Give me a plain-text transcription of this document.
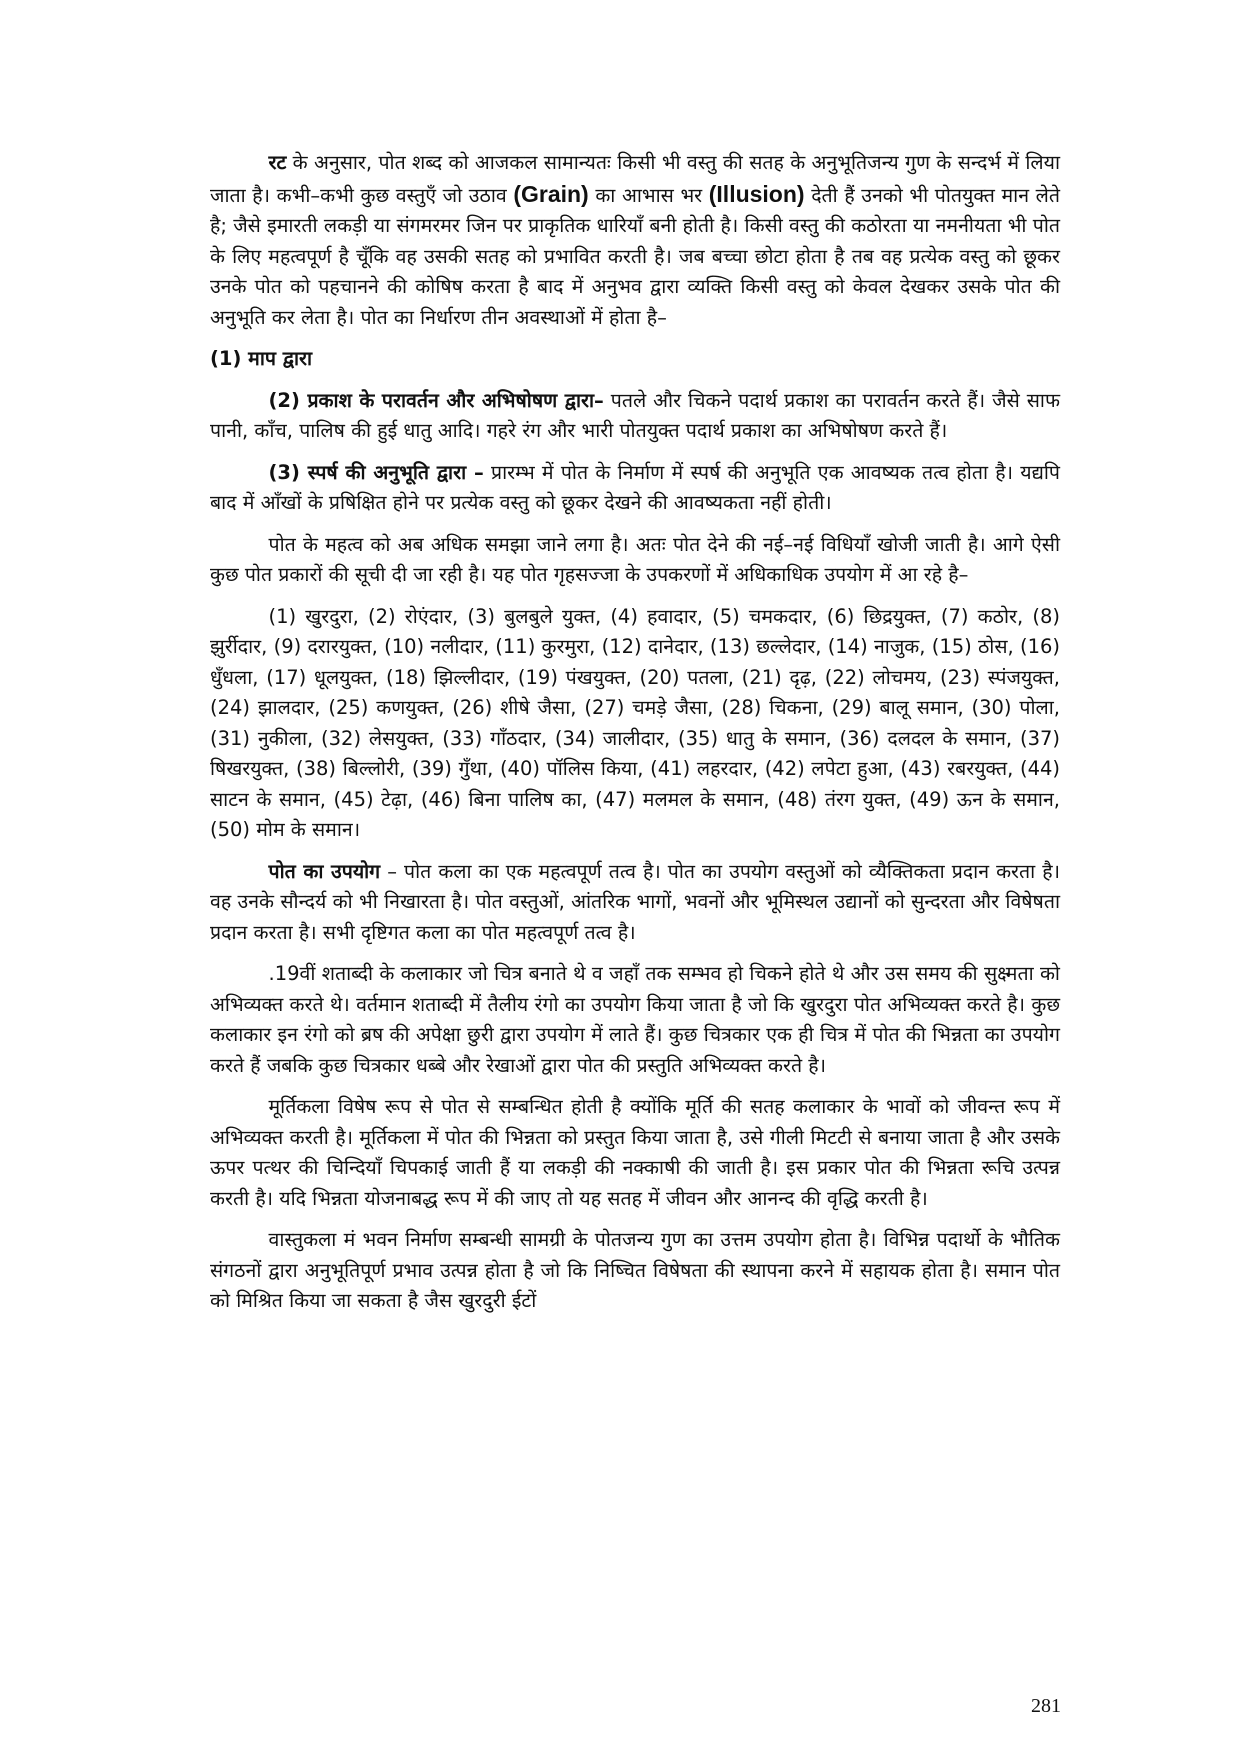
रट के अनुसार, पोत शब्द को आजकल सामान्यतः किसी भी वस्तु की सतह के अनुभूतिजन्य गुण के सन्दर्भ में लिया जाता है। कभी–कभी कुछ वस्तुएँ जो उठाव (Grain) का आभास भर (Illusion) देती हैं उनको भी पोतयुक्त मान लेते है; जैसे इमारती लकड़ी या संगमरमर जिन पर प्राकृतिक धारियाँ बनी होती है। किसी वस्तु की कठोरता या नमनीयता भी पोत के लिए महत्वपूर्ण है चूँकि वह उसकी सतह को प्रभावित करती है। जब बच्चा छोटा होता है तब वह प्रत्येक वस्तु को छूकर उनके पोत को पहचानने की कोषिष करता है बाद में अनुभव द्वारा व्यक्ति किसी वस्तु को केवल देखकर उसके पोत की अनुभूति कर लेता है। पोत का निर्धारण तीन अवस्थाओं में होता है–

(1) माप द्वारा

(2) प्रकाश के परावर्तन और अभिषोषण द्वारा– पतले और चिकने पदार्थ प्रकाश का परावर्तन करते हैं। जैसे साफ पानी, काँच, पालिष की हुई धातु आदि। गहरे रंग और भारी पोतयुक्त पदार्थ प्रकाश का अभिषोषण करते हैं।

(3) स्पर्ष की अनुभूति द्वारा – प्रारम्भ में पोत के निर्माण में स्पर्ष की अनुभूति एक आवष्यक तत्व होता है। यद्यपि बाद में आँखों के प्रषिक्षित होने पर प्रत्येक वस्तु को छूकर देखने की आवष्यकता नहीं होती।

पोत के महत्व को अब अधिक समझा जाने लगा है। अतः पोत देने की नई–नई विधियाँ खोजी जाती है। आगे ऐसी कुछ पोत प्रकारों की सूची दी जा रही है। यह पोत गृहसज्जा के उपकरणों में अधिकाधिक उपयोग में आ रहे है–

(1) खुरदुरा, (2) रोएंदार, (3) बुलबुले युक्त, (4) हवादार, (5) चमकदार, (6) छिद्रयुक्त, (7) कठोर, (8) झुर्रीदार, (9) दरारयुक्त, (10) नलीदार, (11) कुरमुरा, (12) दानेदार, (13) छल्लेदार, (14) नाजुक, (15) ठोस, (16) धुँधला, (17) धूलयुक्त, (18) झिल्लीदार, (19) पंखयुक्त, (20) पतला, (21) दृढ़, (22) लोचमय, (23) स्पंजयुक्त, (24) झालदार, (25) कणयुक्त, (26) शीषे जैसा, (27) चमड़े जैसा, (28) चिकना, (29) बालू समान, (30) पोला, (31) नुकीला, (32) लेसयुक्त, (33) गाँठदार, (34) जालीदार, (35) धातु के समान, (36) दलदल के समान, (37) षिखरयुक्त, (38) बिल्लोरी, (39) गुँथा, (40) पॉलिस किया, (41) लहरदार, (42) लपेटा हुआ, (43) रबरयुक्त, (44) साटन के समान, (45) टेढ़ा, (46) बिना पालिष का, (47) मलमल के समान, (48) तंरग युक्त, (49) ऊन के समान, (50) मोम के समान।

पोत का उपयोग – पोत कला का एक महत्वपूर्ण तत्व है। पोत का उपयोग वस्तुओं को व्यैक्तिकता प्रदान करता है। वह उनके सौन्दर्य को भी निखारता है। पोत वस्तुओं, आंतरिक भागों, भवनों और भूमिस्थल उद्यानों को सुन्दरता और विषेषता प्रदान करता है। सभी दृष्टिगत कला का पोत महत्वपूर्ण तत्व है।

.19वीं शताब्दी के कलाकार जो चित्र बनाते थे व जहाँ तक सम्भव हो चिकने होते थे और उस समय की सुक्ष्मता को अभिव्यक्त करते थे। वर्तमान शताब्दी में तैलीय रंगो का उपयोग किया जाता है जो कि खुरदुरा पोत अभिव्यक्त करते है। कुछ कलाकार इन रंगो को ब्रष की अपेक्षा छुरी द्वारा उपयोग में लाते हैं। कुछ चित्रकार एक ही चित्र में पोत की भिन्नता का उपयोग करते हैं जबकि कुछ चित्रकार धब्बे और रेखाओं द्वारा पोत की प्रस्तुति अभिव्यक्त करते है।

मूर्तिकला विषेष रूप से पोत से सम्बन्धित होती है क्योंकि मूर्ति की सतह कलाकार के भावों को जीवन्त रूप में अभिव्यक्त करती है। मूर्तिकला में पोत की भिन्नता को प्रस्तुत किया जाता है, उसे गीली मिटटी से बनाया जाता है और उसके ऊपर पत्थर की चिन्दियाँ चिपकाई जाती हैं या लकड़ी की नक्काषी की जाती है। इस प्रकार पोत की भिन्नता रूचि उत्पन्न करती है। यदि भिन्नता योजनाबद्ध रूप में की जाए तो यह सतह में जीवन और आनन्द की वृद्धि करती है।

वास्तुकला मं भवन निर्माण सम्बन्धी सामग्री के पोतजन्य गुण का उत्तम उपयोग होता है। विभिन्न पदार्थो के भौतिक संगठनों द्वारा अनुभूतिपूर्ण प्रभाव उत्पन्न होता है जो कि निष्चित विषेषता की स्थापना करने में सहायक होता है। समान पोत को मिश्रित किया जा सकता है जैस खुरदुरी ईटों

281
